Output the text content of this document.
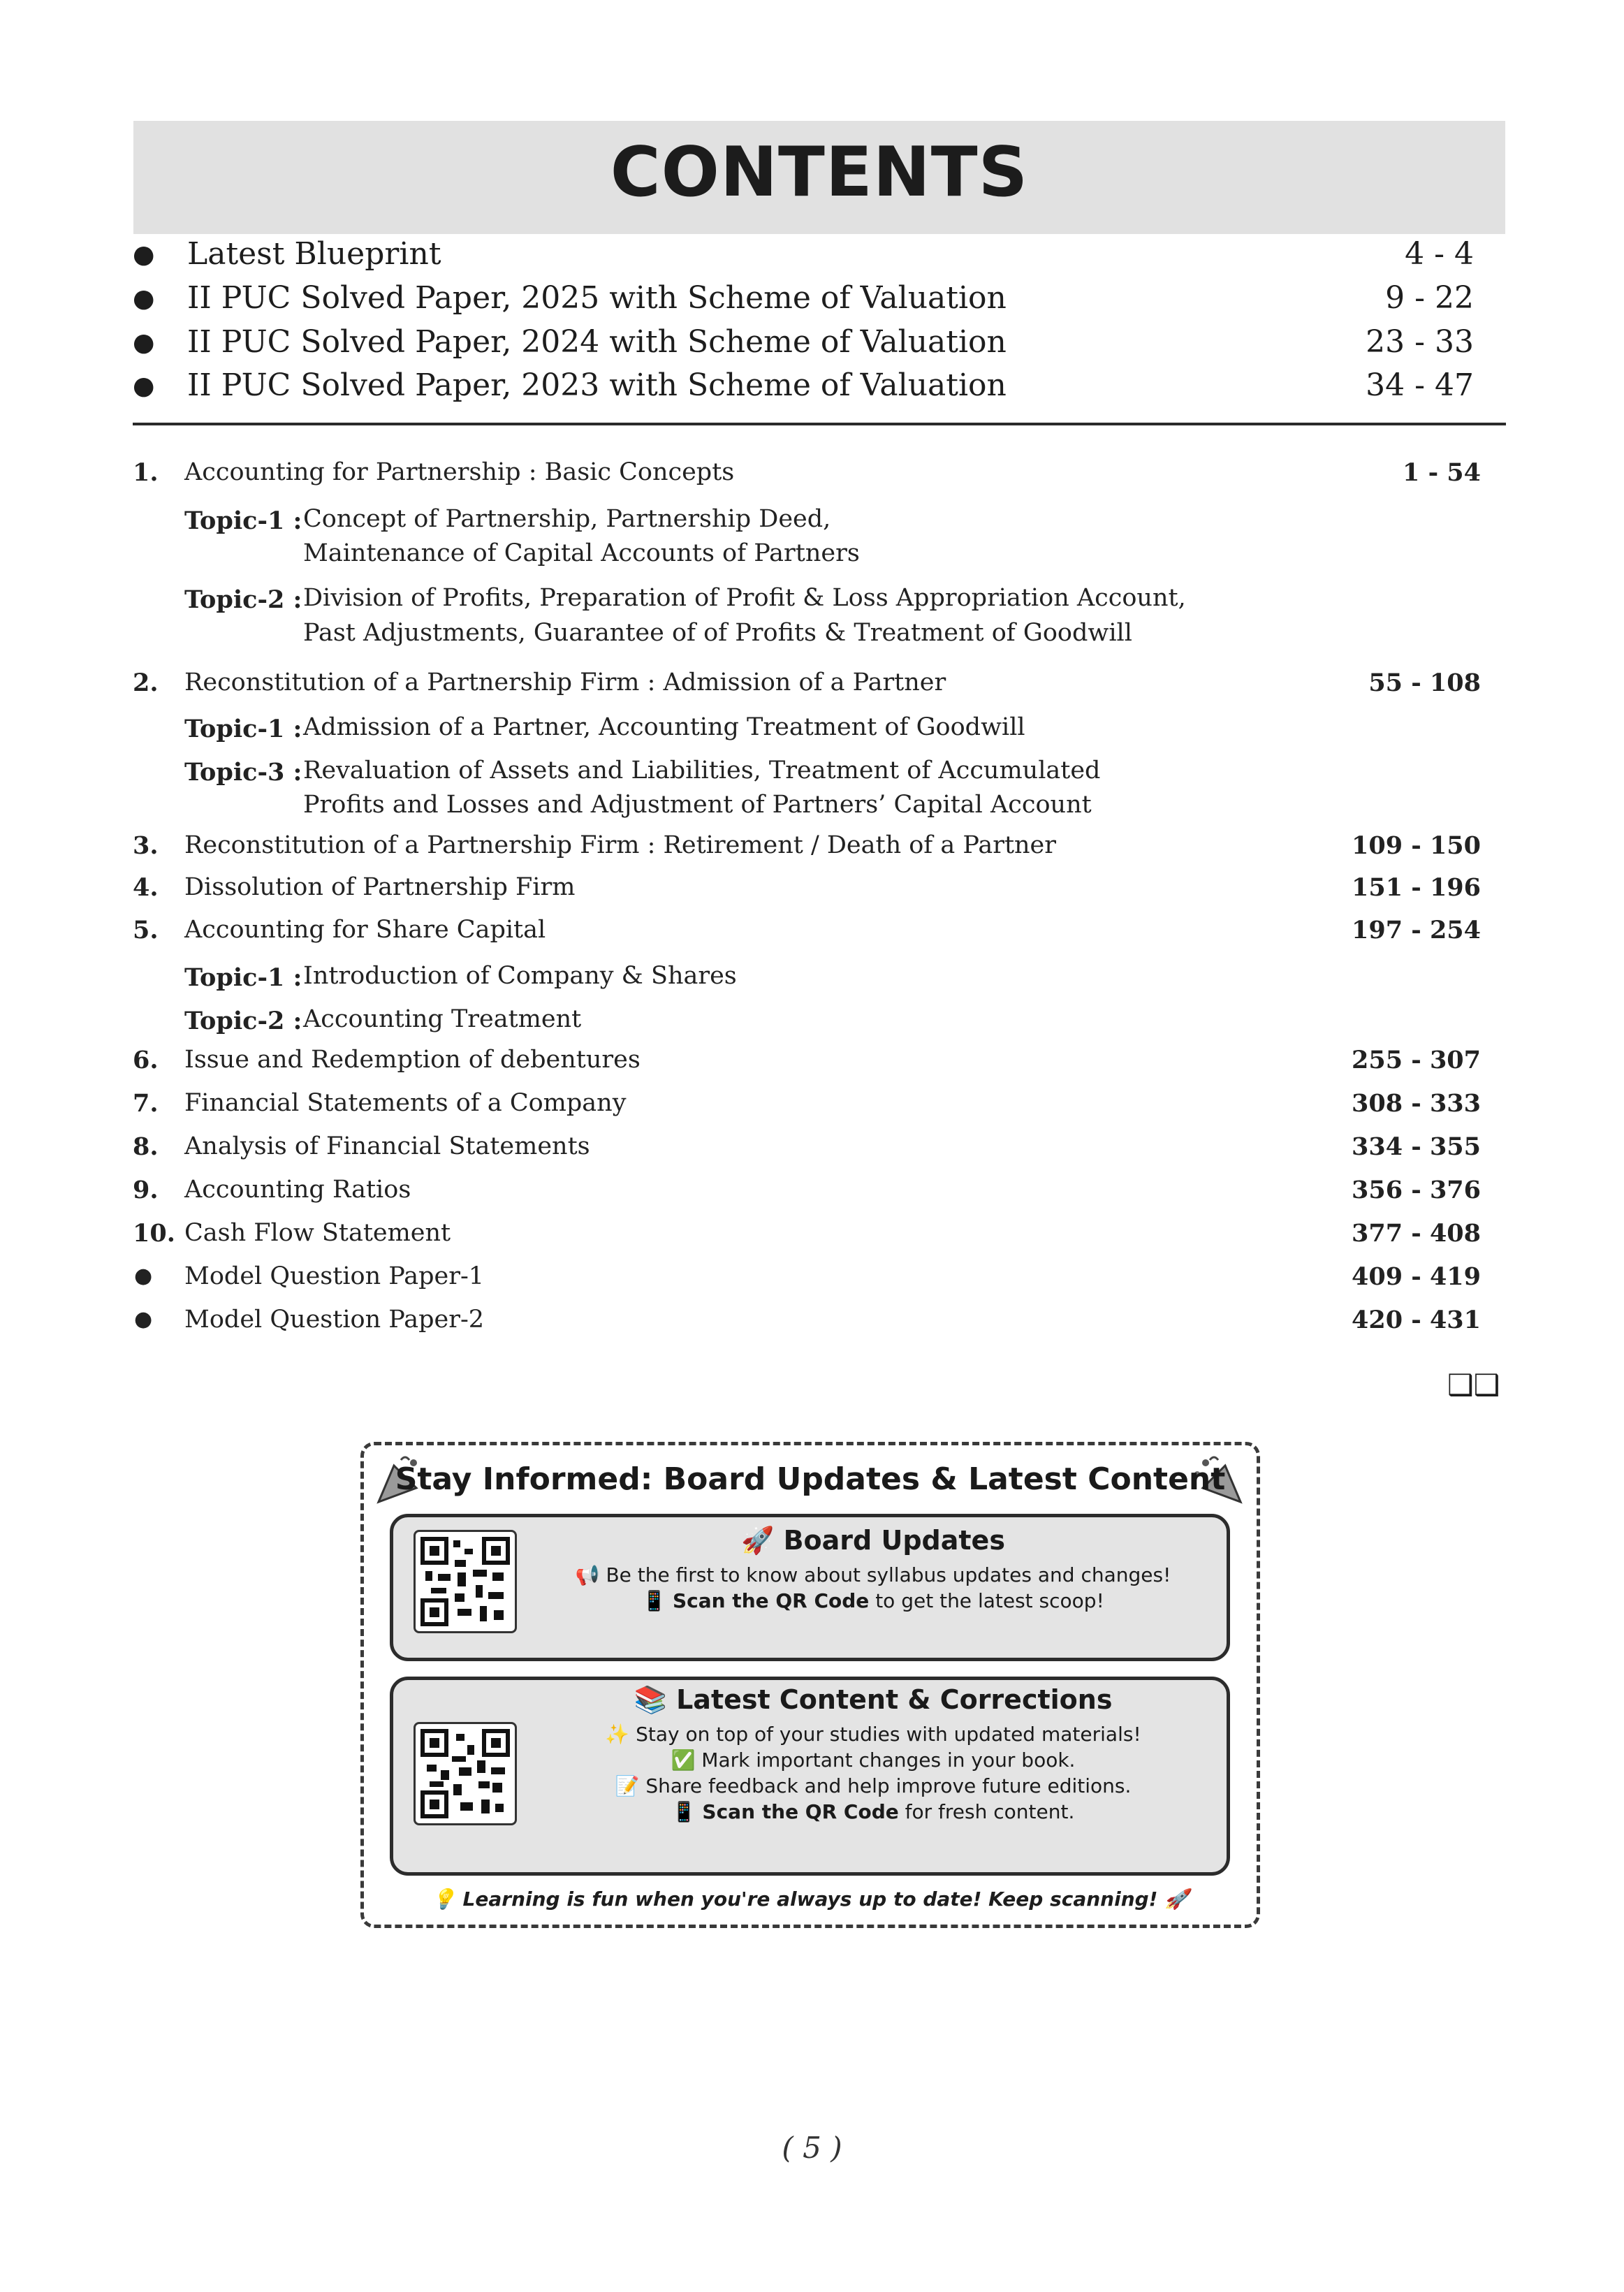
CONTENTS
● Latest Blueprint	4 - 4
● II PUC Solved Paper, 2025 with Scheme of Valuation	9 - 22
● II PUC Solved Paper, 2024 with Scheme of Valuation	23 - 33
● II PUC Solved Paper, 2023 with Scheme of Valuation	34 - 47
1. Accounting for Partnership : Basic Concepts	1 - 54
Topic-1 : Concept of Partnership, Partnership Deed,
Maintenance of Capital Accounts of Partners
Topic-2 : Division of Profits, Preparation of Profit & Loss Appropriation Account,
Past Adjustments, Guarantee of of Profits & Treatment of Goodwill
2. Reconstitution of a Partnership Firm : Admission of a Partner	55 - 108
Topic-1 : Admission of a Partner, Accounting Treatment of Goodwill
Topic-3 : Revaluation of Assets and Liabilities, Treatment of Accumulated
Profits and Losses and Adjustment of Partners’ Capital Account
3. Reconstitution of a Partnership Firm : Retirement / Death of a Partner	109 - 150
4. Dissolution of Partnership Firm	151 - 196
5. Accounting for Share Capital	197 - 254
Topic-1 : Introduction of Company & Shares
Topic-2 : Accounting Treatment
6. Issue and Redemption of debentures	255 - 307
7. Financial Statements of a Company	308 - 333
8. Analysis of Financial Statements	334 - 355
9. Accounting Ratios	356 - 376
10. Cash Flow Statement	377 - 408
● Model Question Paper-1	409 - 419
● Model Question Paper-2	420 - 431
❑❑
Stay Informed: Board Updates & Latest Content
🚀 Board Updates
📢 Be the first to know about syllabus updates and changes!
📱 Scan the QR Code to get the latest scoop!
📚 Latest Content & Corrections
✨ Stay on top of your studies with updated materials!
✅ Mark important changes in your book.
📝 Share feedback and help improve future editions.
📱 Scan the QR Code for fresh content.
💡 Learning is fun when you're always up to date! Keep scanning! 🚀
( 5 )
